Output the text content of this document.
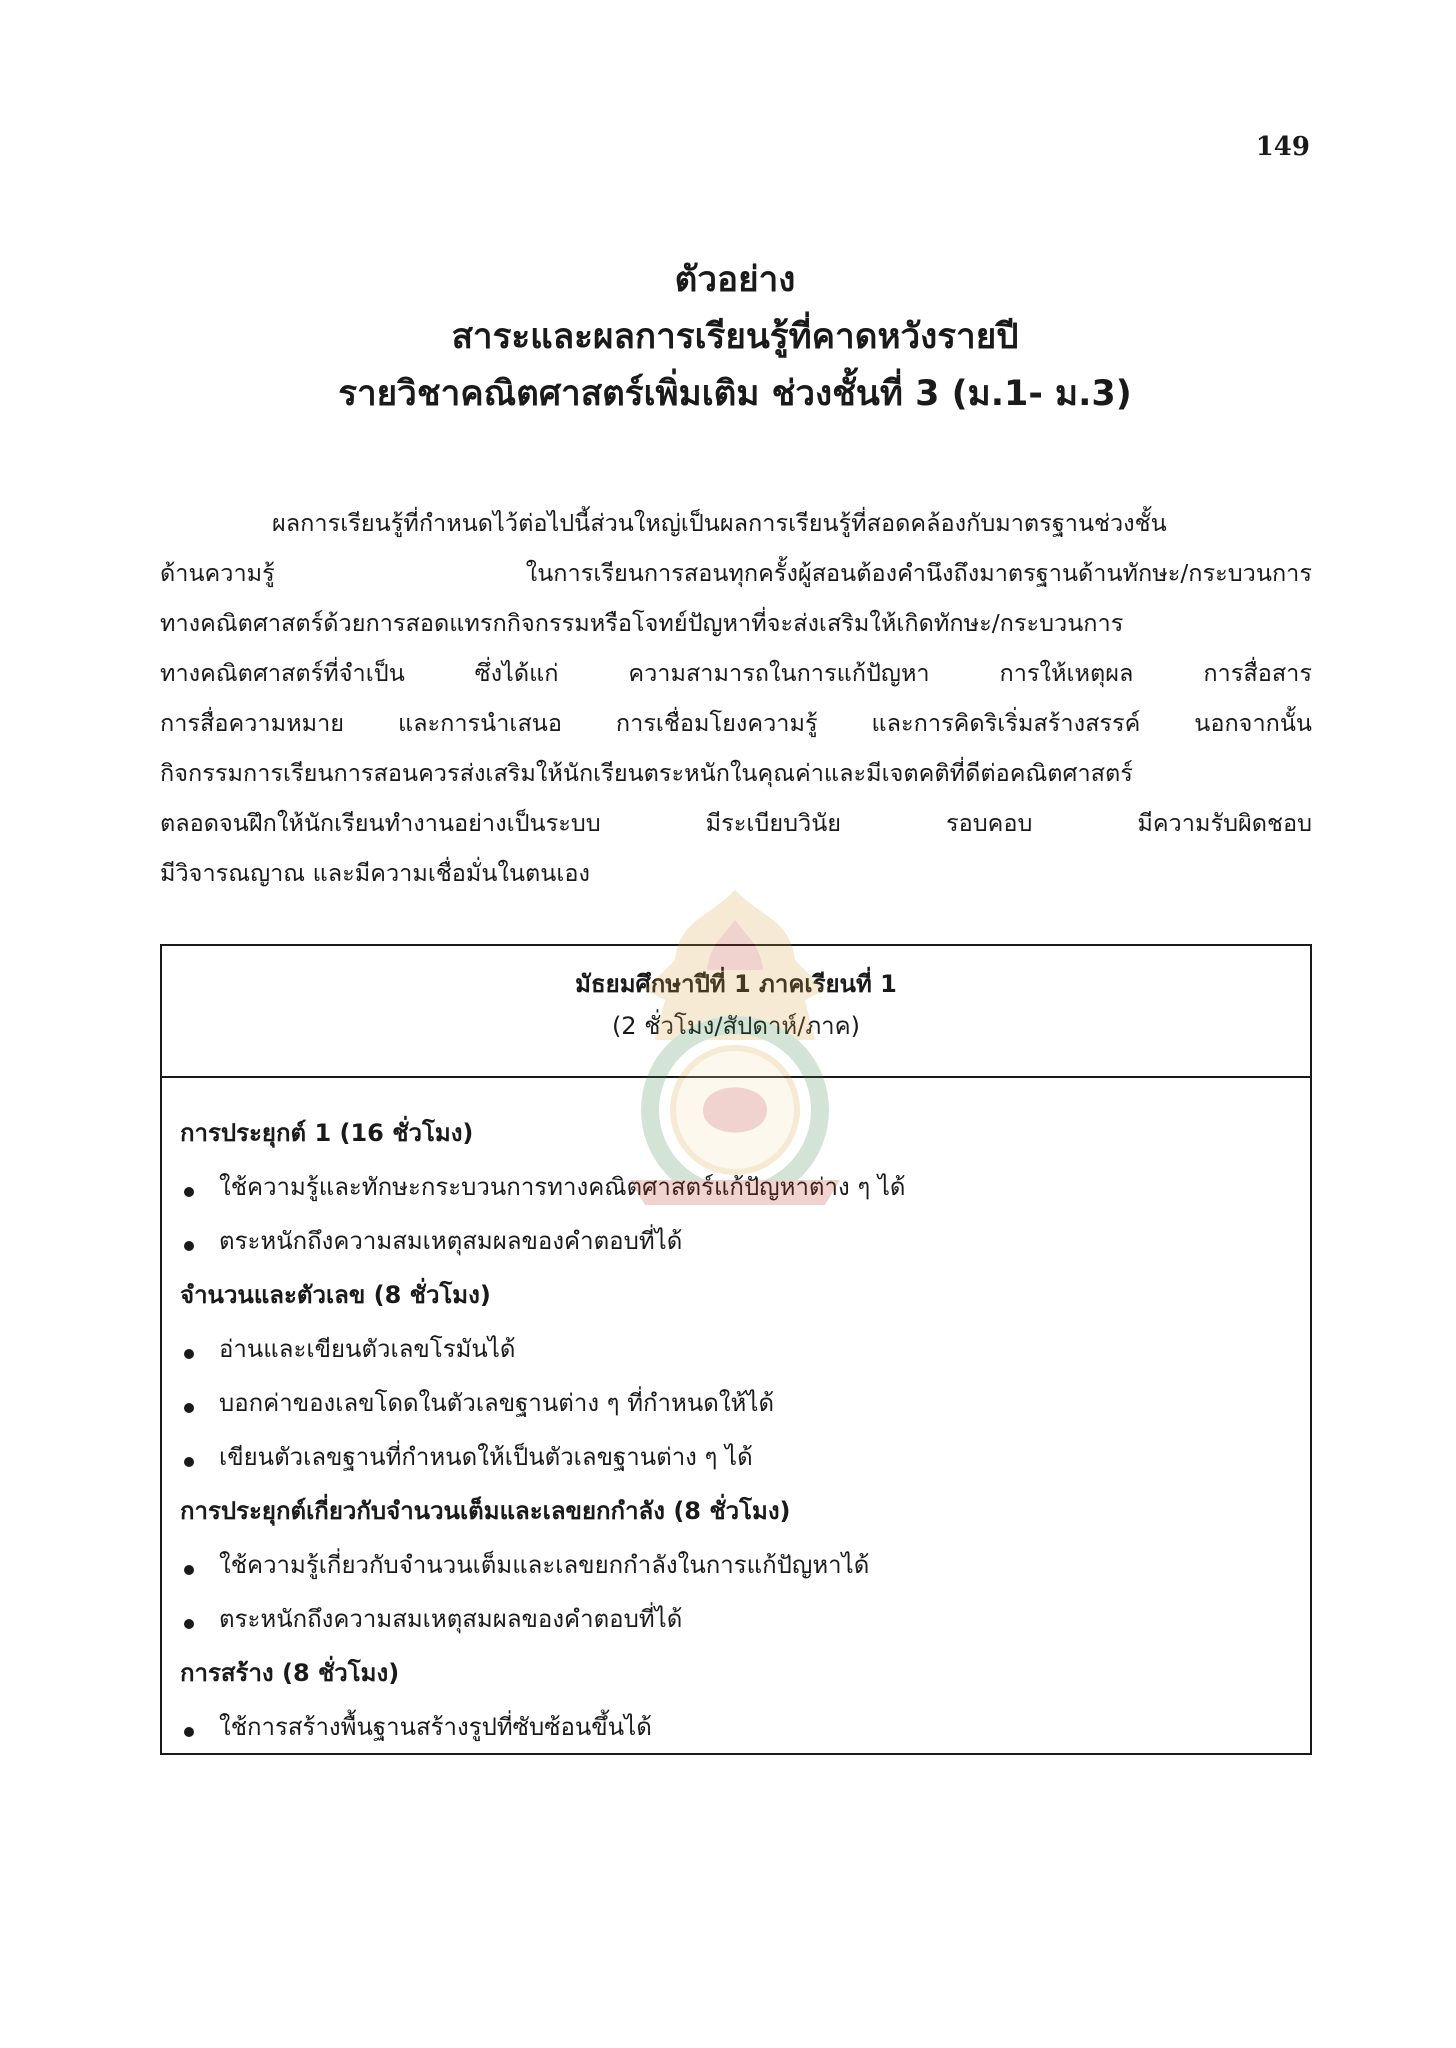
149
ตัวอย่าง
สาระและผลการเรียนรู้ที่คาดหวังรายปี
รายวิชาคณิตศาสตร์เพิ่มเติม ช่วงชั้นที่ 3 (ม.1- ม.3)
ผลการเรียนรู้ที่กำหนดไว้ต่อไปนี้ส่วนใหญ่เป็นผลการเรียนรู้ที่สอดคล้องกับมาตรฐานช่วงชั้น
ด้านความรู้ ในการเรียนการสอนทุกครั้งผู้สอนต้องคำนึงถึงมาตรฐานด้านทักษะ/กระบวนการ
ทางคณิตศาสตร์ด้วยการสอดแทรกกิจกรรมหรือโจทย์ปัญหาที่จะส่งเสริมให้เกิดทักษะ/กระบวนการ
ทางคณิตศาสตร์ที่จำเป็น ซึ่งได้แก่ ความสามารถในการแก้ปัญหา การให้เหตุผล การสื่อสาร
การสื่อความหมาย และการนำเสนอ การเชื่อมโยงความรู้ และการคิดริเริ่มสร้างสรรค์ นอกจากนั้น
กิจกรรมการเรียนการสอนควรส่งเสริมให้นักเรียนตระหนักในคุณค่าและมีเจตคติที่ดีต่อคณิตศาสตร์
ตลอดจนฝึกให้นักเรียนทำงานอย่างเป็นระบบ มีระเบียบวินัย รอบคอบ มีความรับผิดชอบ
มีวิจารณญาณ และมีความเชื่อมั่นในตนเอง
มัธยมศึกษาปีที่ 1 ภาคเรียนที่ 1
(2 ชั่วโมง/สัปดาห์/ภาค)
การประยุกต์ 1 (16 ชั่วโมง)
ใช้ความรู้และทักษะกระบวนการทางคณิตศาสตร์แก้ปัญหาต่าง ๆ ได้
ตระหนักถึงความสมเหตุสมผลของคำตอบที่ได้
จำนวนและตัวเลข (8 ชั่วโมง)
อ่านและเขียนตัวเลขโรมันได้
บอกค่าของเลขโดดในตัวเลขฐานต่าง ๆ ที่กำหนดให้ได้
เขียนตัวเลขฐานที่กำหนดให้เป็นตัวเลขฐานต่าง ๆ ได้
การประยุกต์เกี่ยวกับจำนวนเต็มและเลขยกกำลัง (8 ชั่วโมง)
ใช้ความรู้เกี่ยวกับจำนวนเต็มและเลขยกกำลังในการแก้ปัญหาได้
ตระหนักถึงความสมเหตุสมผลของคำตอบที่ได้
การสร้าง (8 ชั่วโมง)
ใช้การสร้างพื้นฐานสร้างรูปที่ซับซ้อนขึ้นได้
